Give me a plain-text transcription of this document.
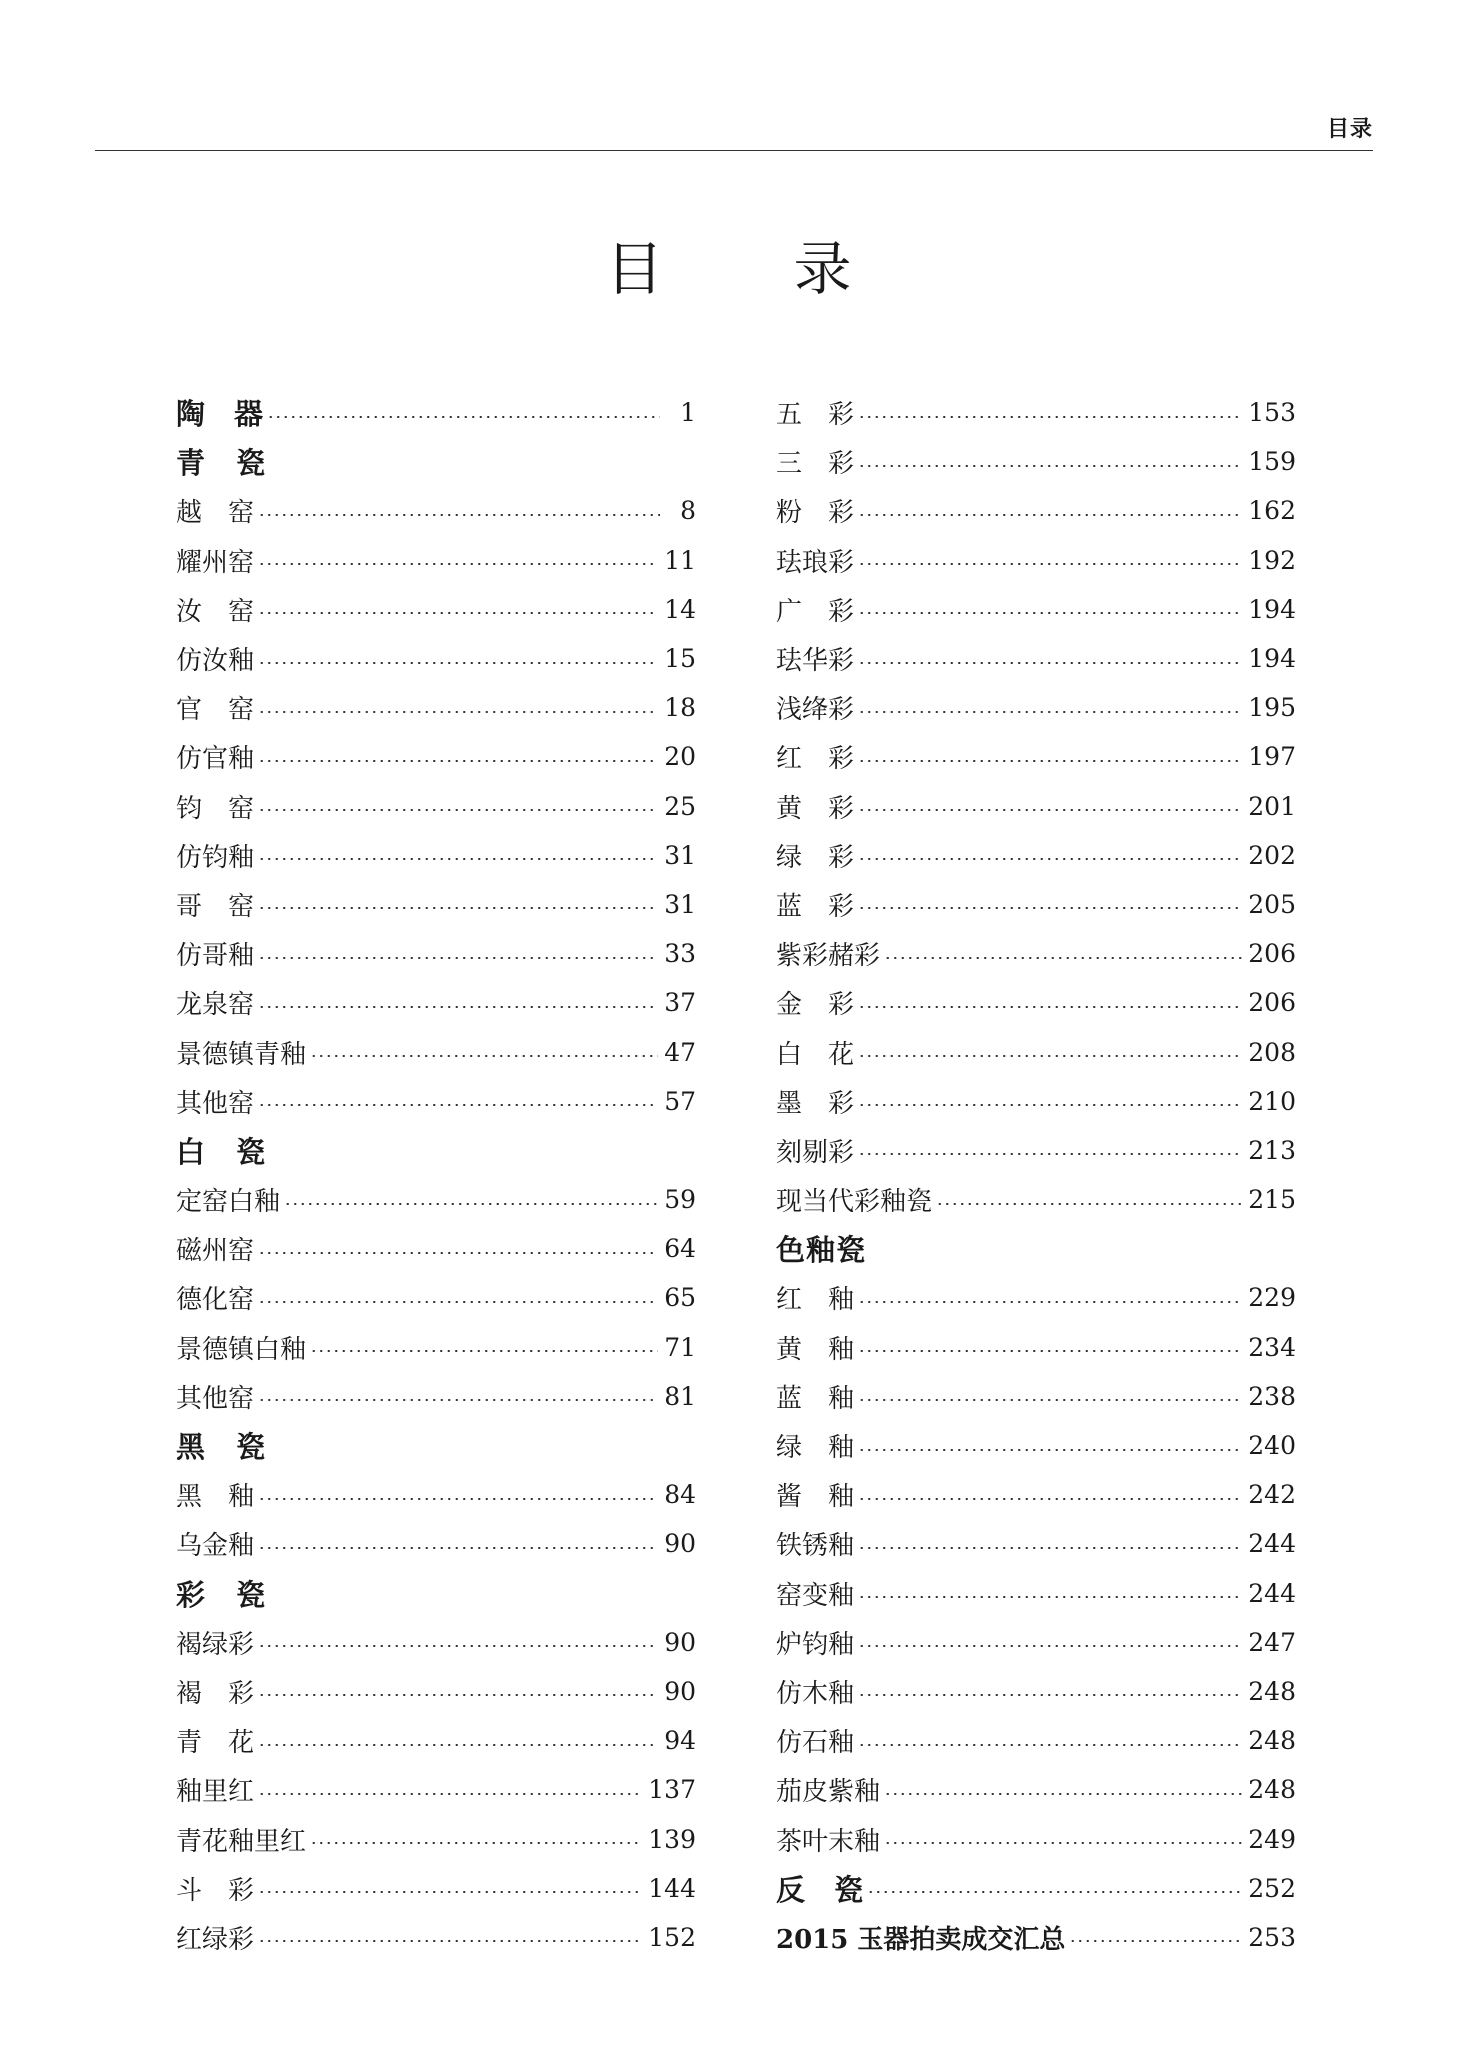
目录
目 录
陶　器	1
青　瓷
越　窑	8
耀州窑	11
汝　窑	14
仿汝釉	15
官　窑	18
仿官釉	20
钧　窑	25
仿钧釉	31
哥　窑	31
仿哥釉	33
龙泉窑	37
景德镇青釉	47
其他窑	57
白　瓷
定窑白釉	59
磁州窑	64
德化窑	65
景德镇白釉	71
其他窑	81
黑　瓷
黑　釉	84
乌金釉	90
彩　瓷
褐绿彩	90
褐　彩	90
青　花	94
釉里红	137
青花釉里红	139
斗　彩	144
红绿彩	152
五　彩	153
三　彩	159
粉　彩	162
珐琅彩	192
广　彩	194
珐华彩	194
浅绛彩	195
红　彩	197
黄　彩	201
绿　彩	202
蓝　彩	205
紫彩赭彩	206
金　彩	206
白　花	208
墨　彩	210
刻剔彩	213
现当代彩釉瓷	215
色釉瓷
红　釉	229
黄　釉	234
蓝　釉	238
绿　釉	240
酱　釉	242
铁锈釉	244
窑变釉	244
炉钧釉	247
仿木釉	248
仿石釉	248
茄皮紫釉	248
茶叶末釉	249
反　瓷	252
2015 玉器拍卖成交汇总	253
